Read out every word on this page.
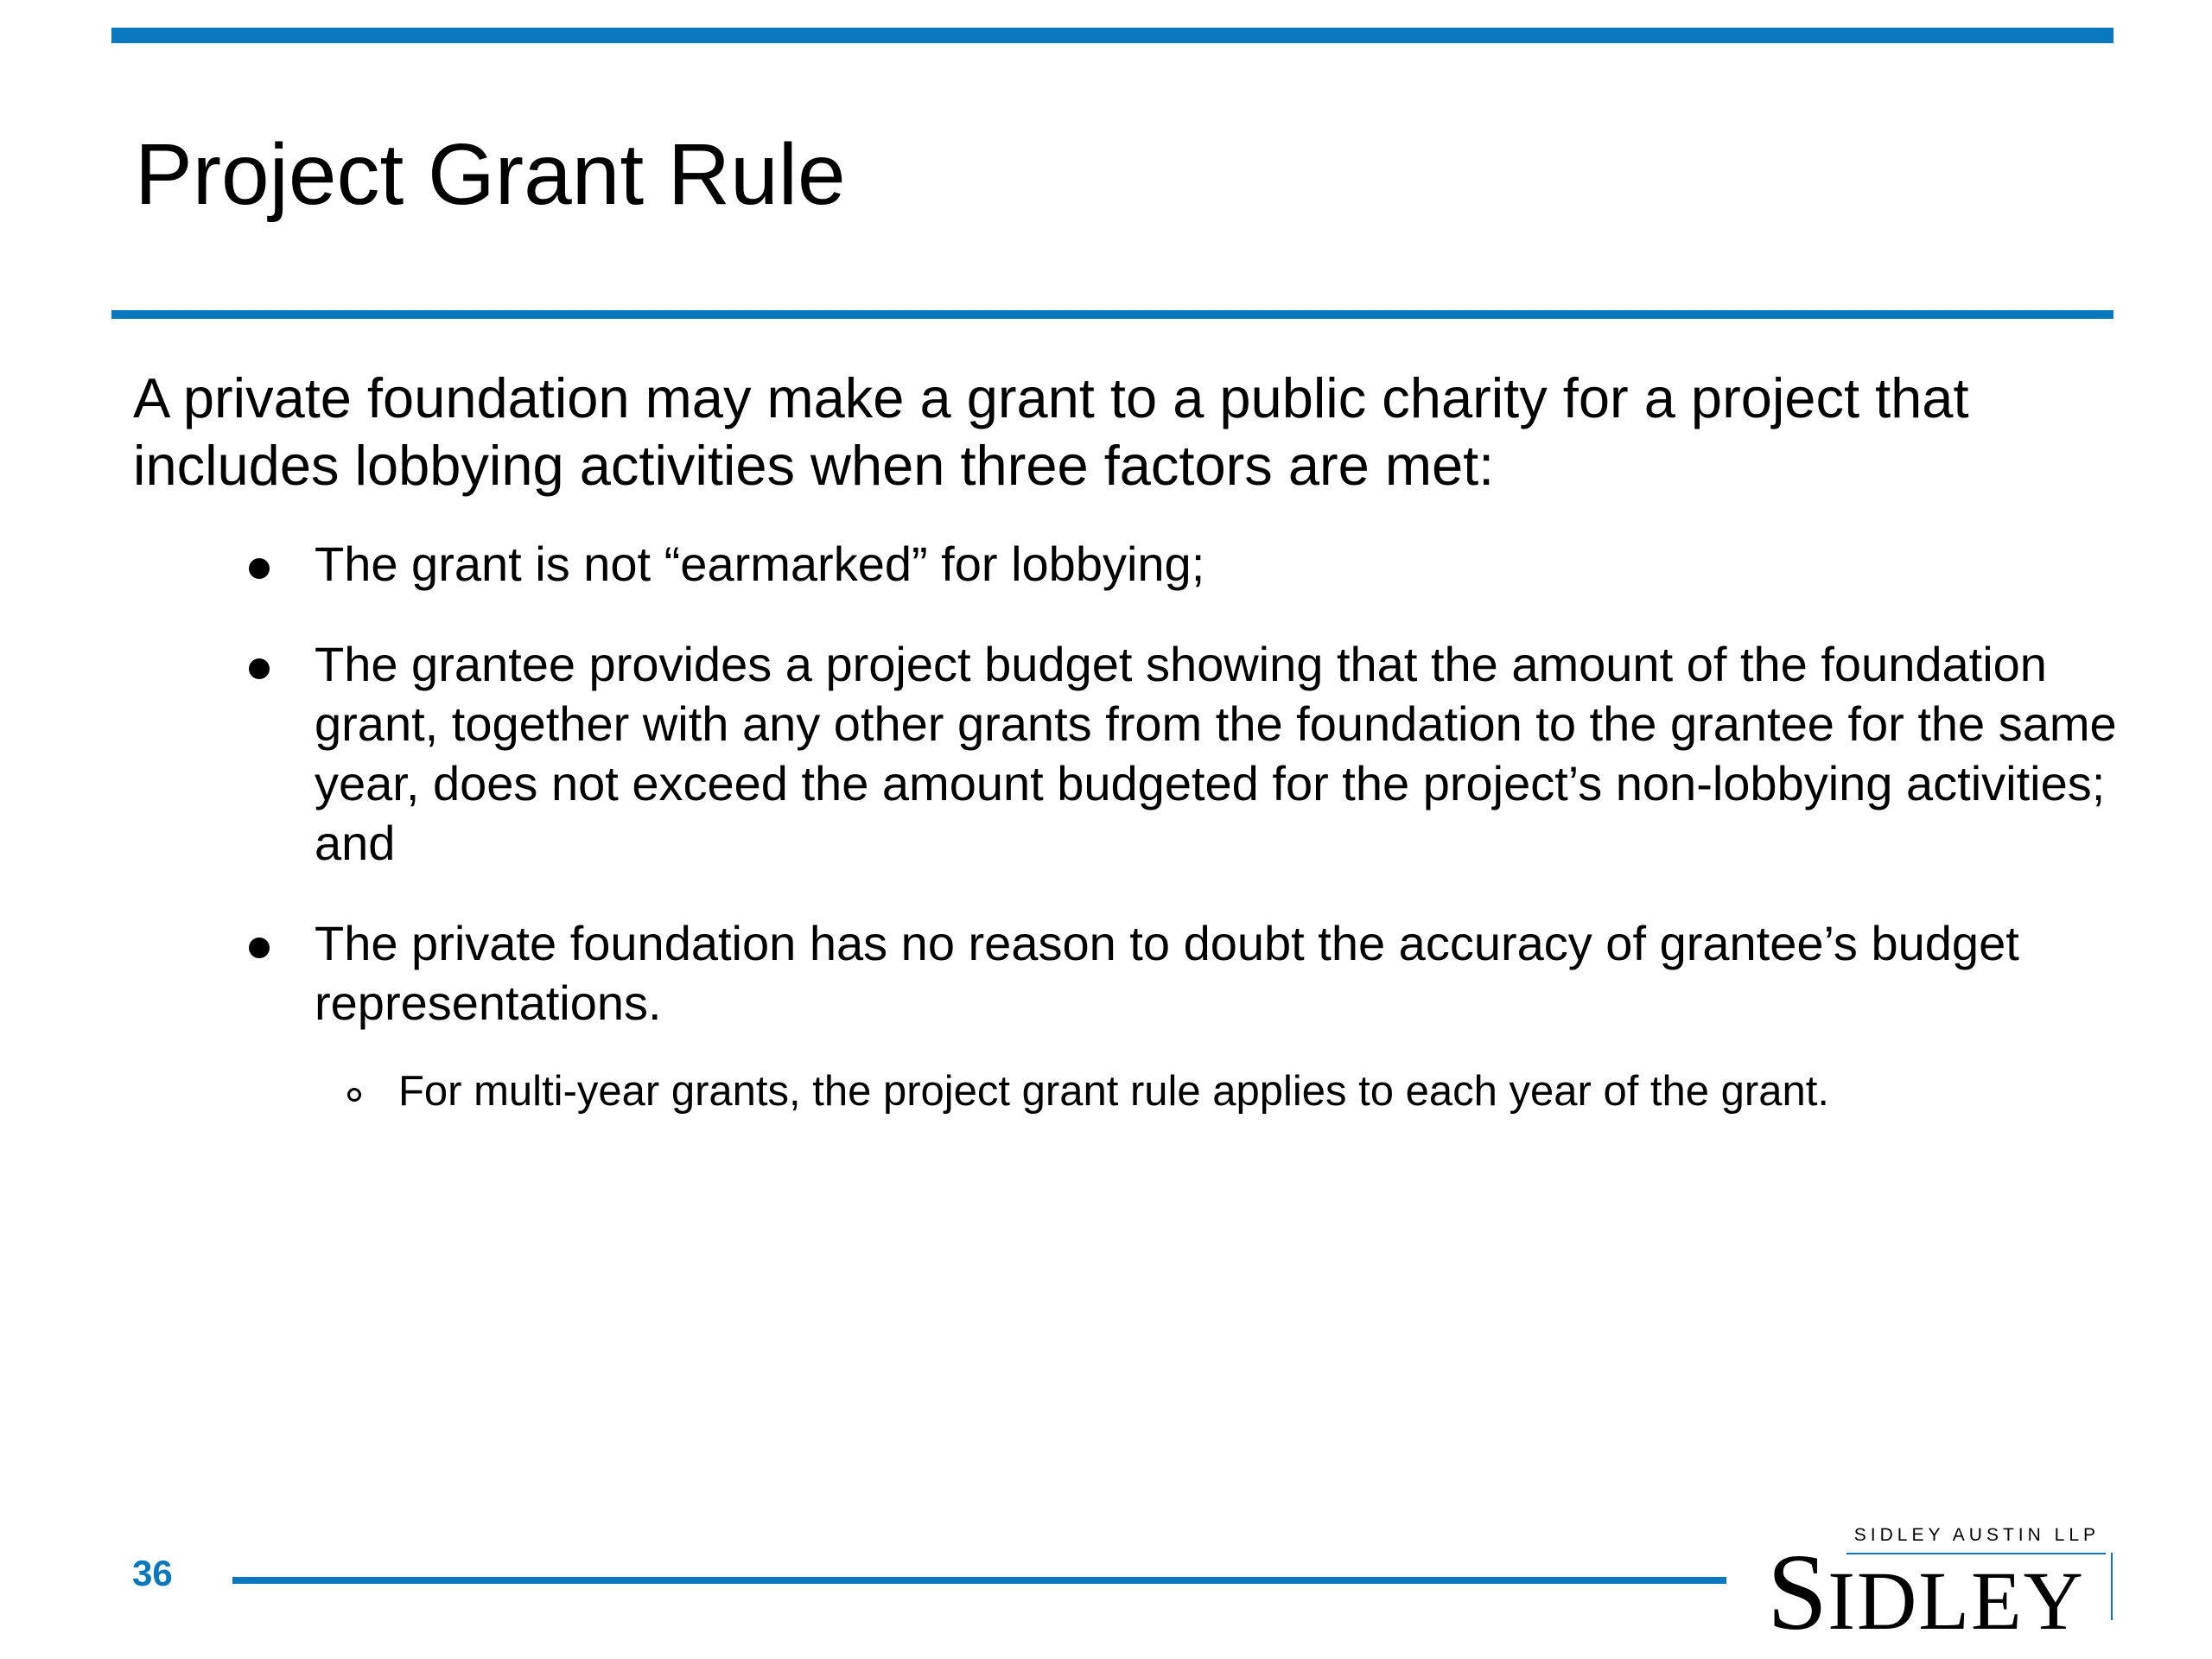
Project Grant Rule

A private foundation may make a grant to a public charity for a project that includes lobbying activities when three factors are met:

The grant is not “earmarked” for lobbying;
The grantee provides a project budget showing that the amount of the foundation grant, together with any other grants from the foundation to the grantee for the same year, does not exceed the amount budgeted for the project’s non-lobbying activities; and
The private foundation has no reason to doubt the accuracy of grantee’s budget representations.
For multi-year grants, the project grant rule applies to each year of the grant.
36
SIDLEY AUSTIN LLP
SIDLEY
